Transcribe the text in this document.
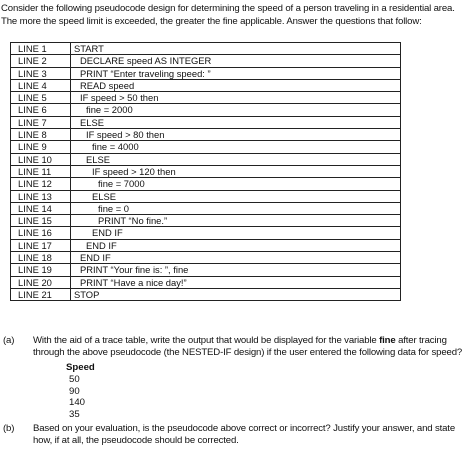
Consider the following pseudocode design for determining the speed of a person traveling in a residential area.
The more the speed limit is exceeded, the greater the fine applicable. Answer the questions that follow:
LINE 1	START
LINE 2	DECLARE speed AS INTEGER
LINE 3	PRINT “Enter traveling speed: ”
LINE 4	READ speed
LINE 5	IF speed > 50 then
LINE 6	fine = 2000
LINE 7	ELSE
LINE 8	IF speed > 80 then
LINE 9	fine = 4000
LINE 10	ELSE
LINE 11	IF speed > 120 then
LINE 12	fine = 7000
LINE 13	ELSE
LINE 14	fine = 0
LINE 15	PRINT “No fine.”
LINE 16	END IF
LINE 17	END IF
LINE 18	END IF
LINE 19	PRINT “Your fine is: ”, fine
LINE 20	PRINT “Have a nice day!”
LINE 21	STOP
(a) With the aid of a trace table, write the output that would be displayed for the variable fine after tracing
through the above pseudocode (the NESTED-IF design) if the user entered the following data for speed?
Speed
50
90
140
35
(b) Based on your evaluation, is the pseudocode above correct or incorrect? Justify your answer, and state
how, if at all, the pseudocode should be corrected.
